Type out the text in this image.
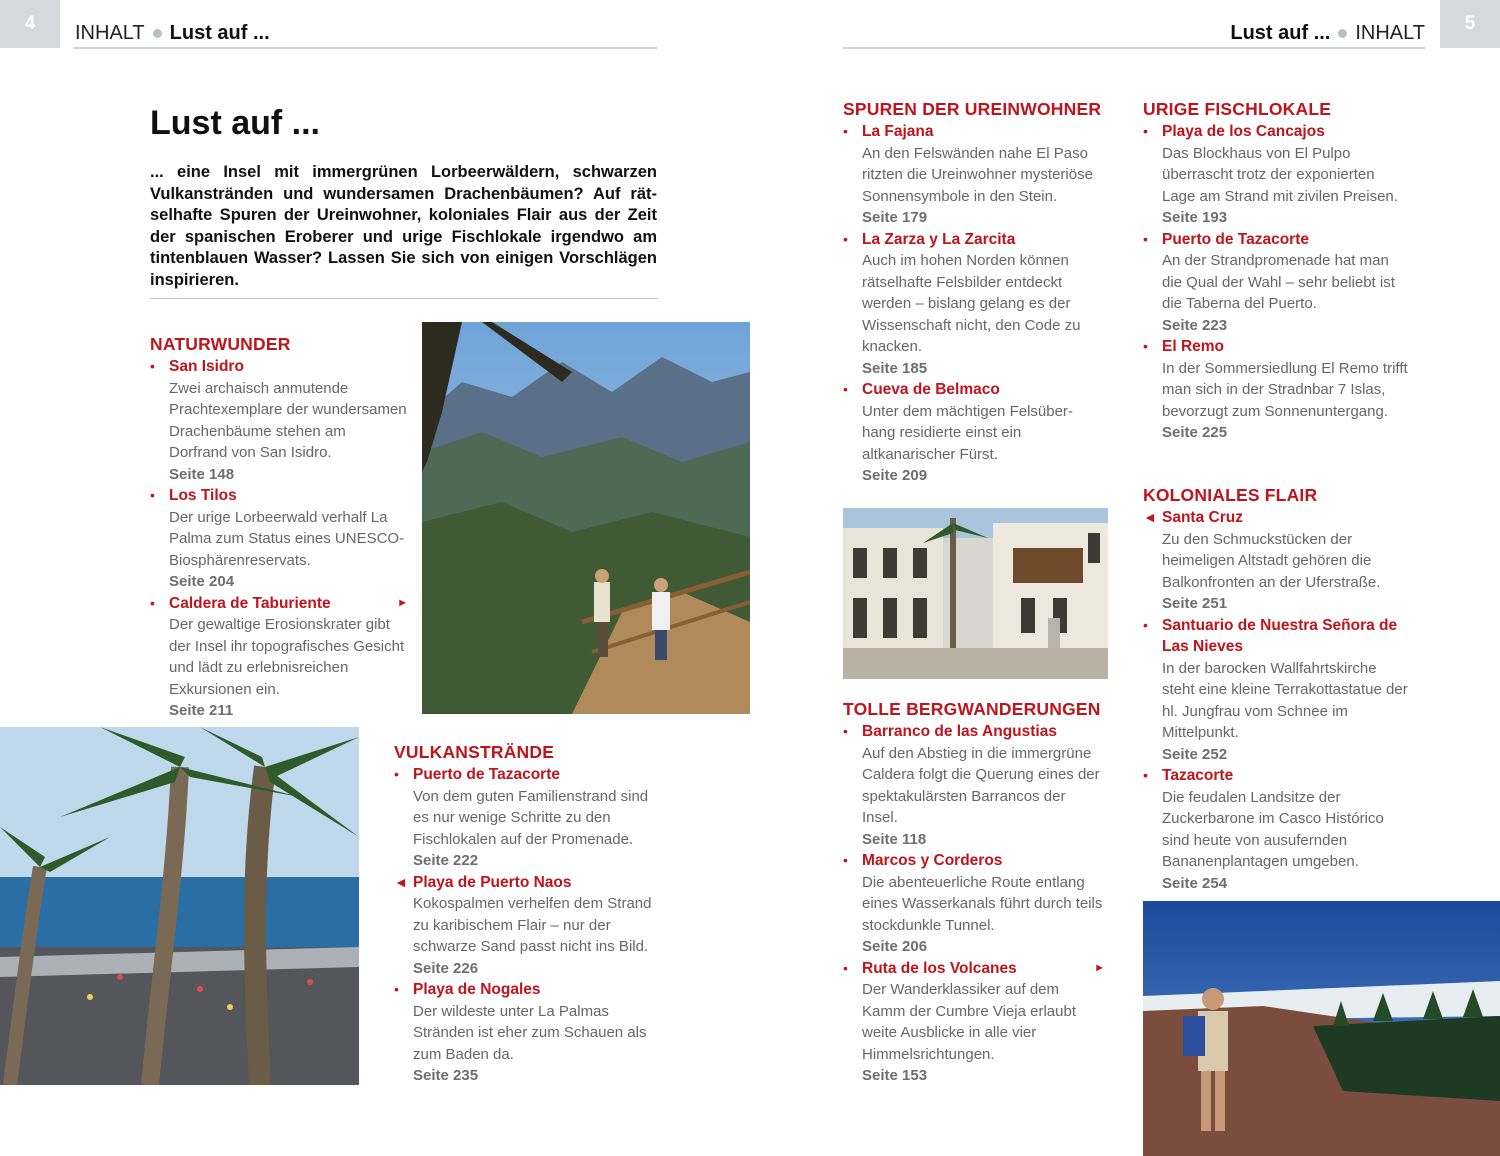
4	INHALT Lust auf ...	5
Lust auf ... INHALT
Lust auf ...
... eine Insel mit immergrünen Lorbeerwäldern, schwarzen Vulkanstränden und wundersamen Drachenbäumen? Auf rät-selhafte Spuren der Ureinwohner, koloniales Flair aus der Zeit der spanischen Eroberer und urige Fischlokale irgendwo am tintenblauen Wasser? Lassen Sie sich von einigen Vorschlägen inspirieren.
NATURWUNDER
• San Isidro
Zwei archaisch anmutende Prachtexemplare der wundersamen Drachenbäume stehen am Dorfrand von San Isidro.
Seite 148
• Los Tilos
Der urige Lorbeerwald verhalf La Palma zum Status eines UNESCO-Biosphärenreservats.
Seite 204
•	►
Caldera de Taburiente
Der gewaltige Erosionskrater gibt der Insel ihr topografisches Gesicht und lädt zu erlebnisreichen Exkursionen ein.
Seite 211
VULKANSTRÄNDE
• Puerto de Tazacorte
Von dem guten Familienstrand sind es nur wenige Schritte zu den Fischlokalen auf der Promenade.
Seite 222
◄ Playa de Puerto Naos
Kokospalmen verhelfen dem Strand zu karibischem Flair – nur der schwarze Sand passt nicht ins Bild.
Seite 226
• Playa de Nogales
Der wildeste unter La Palmas Stränden ist eher zum Schauen als zum Baden da.
Seite 235
SPUREN DER UREINWOHNER
• La Fajana
An den Felswänden nahe El Paso ritzten die Ureinwohner mysteriöse Sonnensymbole in den Stein.
Seite 179
• La Zarza y La Zarcita
Auch im hohen Norden können rätselhafte Felsbilder entdeckt werden – bislang gelang es der Wissenschaft nicht, den Code zu knacken.
Seite 185
• Cueva de Belmaco
Unter dem mächtigen Felsüber-hang residierte einst ein altkanarischer Fürst.
Seite 209
TOLLE BERGWANDERUNGEN
• Barranco de las Angustias
Auf den Abstieg in die immergrüne Caldera folgt die Querung eines der spektakulärsten Barrancos der Insel.
Seite 118
• Marcos y Corderos
Die abenteuerliche Route entlang eines Wasserkanals führt durch teils stockdunkle Tunnel.
Seite 206
•	►
Ruta de los Volcanes
Der Wanderklassiker auf dem Kamm der Cumbre Vieja erlaubt weite Ausblicke in alle vier Himmelsrichtungen.
Seite 153
URIGE FISCHLOKALE
• Playa de los Cancajos
Das Blockhaus von El Pulpo überrascht trotz der exponierten Lage am Strand mit zivilen Preisen.
Seite 193
• Puerto de Tazacorte
An der Strandpromenade hat man die Qual der Wahl – sehr beliebt ist die Taberna del Puerto.
Seite 223
• El Remo
In der Sommersiedlung El Remo trifft man sich in der Stradnbar 7 Islas, bevorzugt zum Sonnenuntergang.
Seite 225
KOLONIALES FLAIR
◄ Santa Cruz
Zu den Schmuckstücken der heimeligen Altstadt gehören die Balkonfronten an der Uferstraße.
Seite 251
• Santuario de Nuestra Señora de Las Nieves
In der barocken Wallfahrtskirche steht eine kleine Terrakottastatue der hl. Jungfrau vom Schnee im Mittelpunkt.
Seite 252
• Tazacorte
Die feudalen Landsitze der Zuckerbarone im Casco Histórico sind heute von ausufernden Bananenplantagen umgeben.
Seite 254
